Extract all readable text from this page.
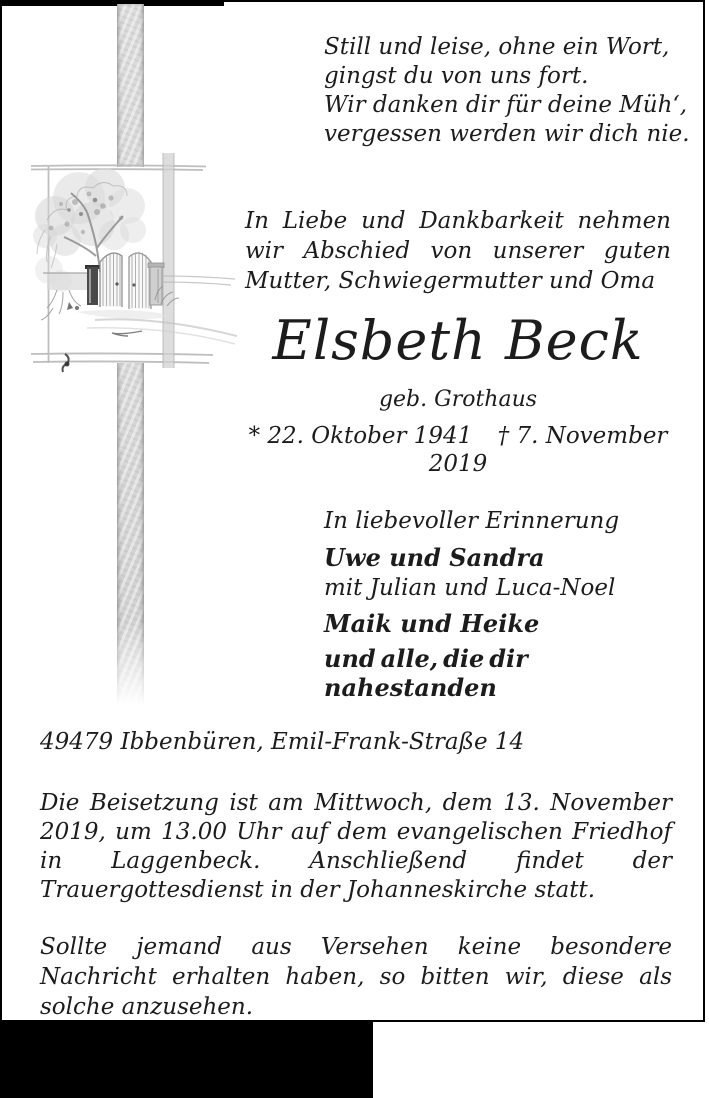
Still und leise, ohne ein Wort,
gingst du von uns fort.
Wir danken dir für deine Müh‘,
vergessen werden wir dich nie.

In Liebe und Dankbarkeit nehmen wir Abschied von unserer guten Mutter, Schwiegermutter und Oma

Elsbeth Beck
geb. Grothaus
* 22. Oktober 1941 † 7. November 2019
In liebevoller Erinnerung
Uwe und Sandra
mit Julian und Luca-Noel
Maik und Heike
und alle, die dir nahestanden
49479 Ibbenbüren, Emil-Frank-Straße 14

Die Beisetzung ist am Mittwoch, dem 13. November 2019, um 13.00 Uhr auf dem evangelischen Friedhof in Laggenbeck. Anschließend findet der Trauergottesdienst in der Johanneskirche statt.

Sollte jemand aus Versehen keine besondere Nachricht erhalten haben, so bitten wir, diese als solche anzusehen.
